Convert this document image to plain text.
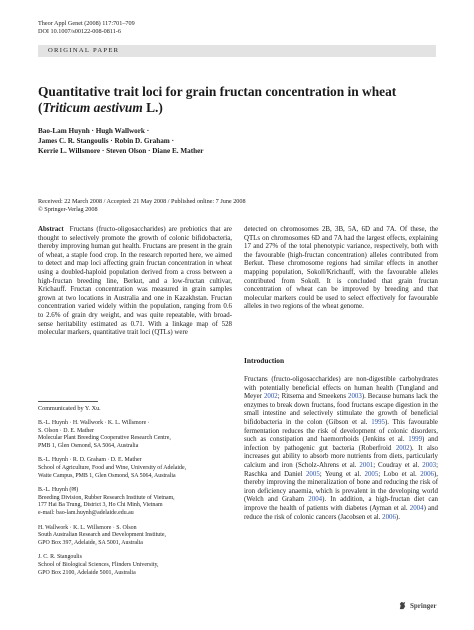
Theor Appl Genet (2008) 117:701–709
DOI 10.1007/s00122-008-0811-6
ORIGINAL PAPER
Quantitative trait loci for grain fructan concentration in wheat (Triticum aestivum L.)
Bao-Lam Huynh · Hugh Wallwork ·
James C. R. Stangoulis · Robin D. Graham ·
Kerrie L. Willsmore · Steven Olson · Diane E. Mather
Received: 22 March 2008 / Accepted: 21 May 2008 / Published online: 7 June 2008
© Springer-Verlag 2008
Abstract Fructans (fructo-oligosaccharides) are prebiotics that are thought to selectively promote the growth of colonic bifidobacteria, thereby improving human gut health. Fructans are present in the grain of wheat, a staple food crop. In the research reported here, we aimed to detect and map loci affecting grain fructan concentration in wheat using a doubled-haploid population derived from a cross between a high-fructan breeding line, Berkut, and a low-fructan cultivar, Krichauff. Fructan concentration was measured in grain samples grown at two locations in Australia and one in Kazakhstan. Fructan concentration varied widely within the population, ranging from 0.6 to 2.6% of grain dry weight, and was quite repeatable, with broad-sense heritability estimated as 0.71. With a linkage map of 528 molecular markers, quantitative trait loci (QTLs) were
detected on chromosomes 2B, 3B, 5A, 6D and 7A. Of these, the QTLs on chromosomes 6D and 7A had the largest effects, explaining 17 and 27% of the total phenotypic variance, respectively, both with the favourable (high-fructan concentration) alleles contributed from Berkut. These chromosome regions had similar effects in another mapping population, Sokoll/Krichauff, with the favourable alleles contributed from Sokoll. It is concluded that grain fructan concentration of wheat can be improved by breeding and that molecular markers could be used to select effectively for favourable alleles in two regions of the wheat genome.
Communicated by Y. Xu.
B.-L. Huynh · H. Wallwork · K. L. Willsmore ·
S. Olson · D. E. Mather
Molecular Plant Breeding Cooperative Research Centre,
PMB 1, Glen Osmond, SA 5064, Australia
B.-L. Huynh · R. D. Graham · D. E. Mather
School of Agriculture, Food and Wine, University of Adelaide,
Waite Campus, PMB 1, Glen Osmond, SA 5064, Australia
B.-L. Huynh (✉)
Breeding Division, Rubber Research Institute of Vietnam,
177 Hai Ba Trung, District 3, Ho Chi Minh, Vietnam
e-mail: bao-lam.huynh@adelaide.edu.au
H. Wallwork · K. L. Willsmore · S. Olson
South Australian Research and Development Institute,
GPO Box 397, Adelaide, SA 5001, Australia
J. C. R. Stangoulis
School of Biological Sciences, Flinders University,
GPO Box 2100, Adelaide 5001, Australia
Introduction
Fructans (fructo-oligosaccharides) are non-digestible carbohydrates with potentially beneficial effects on human health (Tungland and Meyer 2002; Ritsema and Smeekens 2003). Because humans lack the enzymes to break down fructans, food fructans escape digestion in the small intestine and selectively stimulate the growth of beneficial bifidobacteria in the colon (Gibson et al. 1995). This favourable fermentation reduces the risk of development of colonic disorders, such as constipation and haemorrhoids (Jenkins et al. 1999) and infection by pathogenic gut bacteria (Roberfroid 2002). It also increases gut ability to absorb more nutrients from diets, particularly calcium and iron (Scholz-Ahrens et al. 2001; Coudray et al. 2003; Raschka and Daniel 2005; Yeung et al. 2005; Lobo et al. 2006), thereby improving the mineralization of bone and reducing the risk of iron deficiency anaemia, which is prevalent in the developing world (Welch and Graham 2004). In addition, a high-fructan diet can improve the health of patients with diabetes (Ayman et al. 2004) and reduce the risk of colonic cancers (Jacobsen et al. 2006).
Springer
